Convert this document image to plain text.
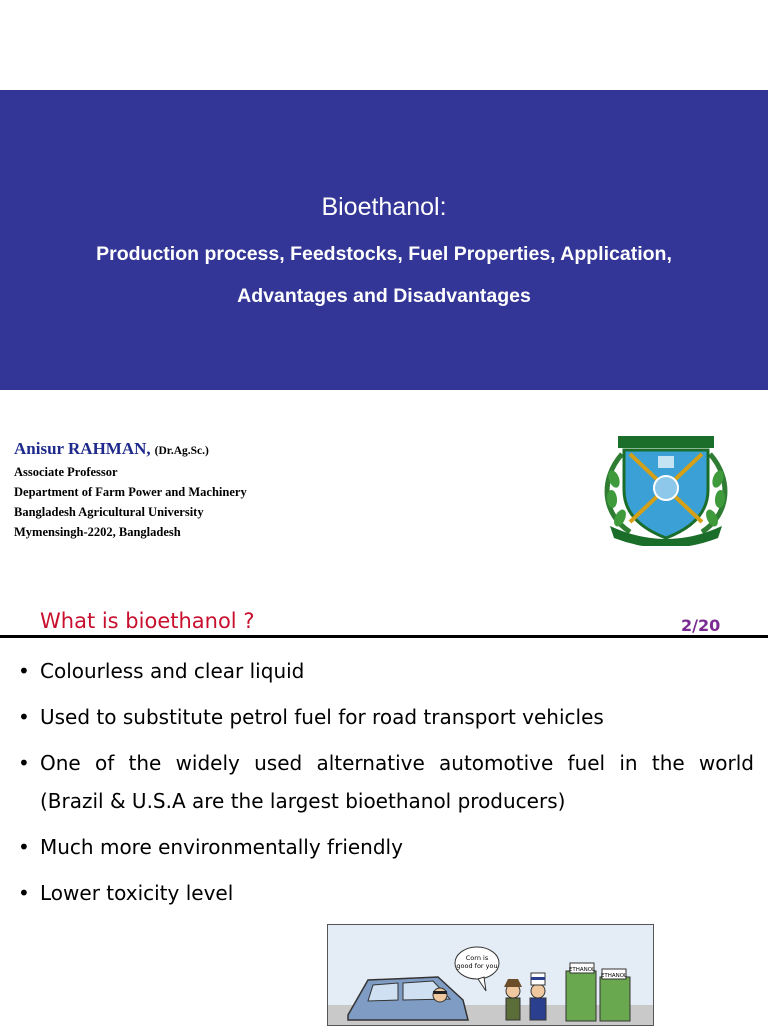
Bioethanol:
Production process, Feedstocks, Fuel Properties, Application,
Advantages and Disadvantages
Anisur RAHMAN, (Dr.Ag.Sc.)
Associate Professor
Department of Farm Power and Machinery
Bangladesh Agricultural University
Mymensingh-2202, Bangladesh
What is bioethanol ?	2/20
• Colourless and clear liquid
• Used to substitute petrol fuel for road transport vehicles
• One of the widely used alternative automotive fuel in the world
(Brazil & U.S.A are the largest bioethanol producers)
• Much more environmentally friendly
• Lower toxicity level
Corn is
good for you	ETHANOL
ETHANOL
